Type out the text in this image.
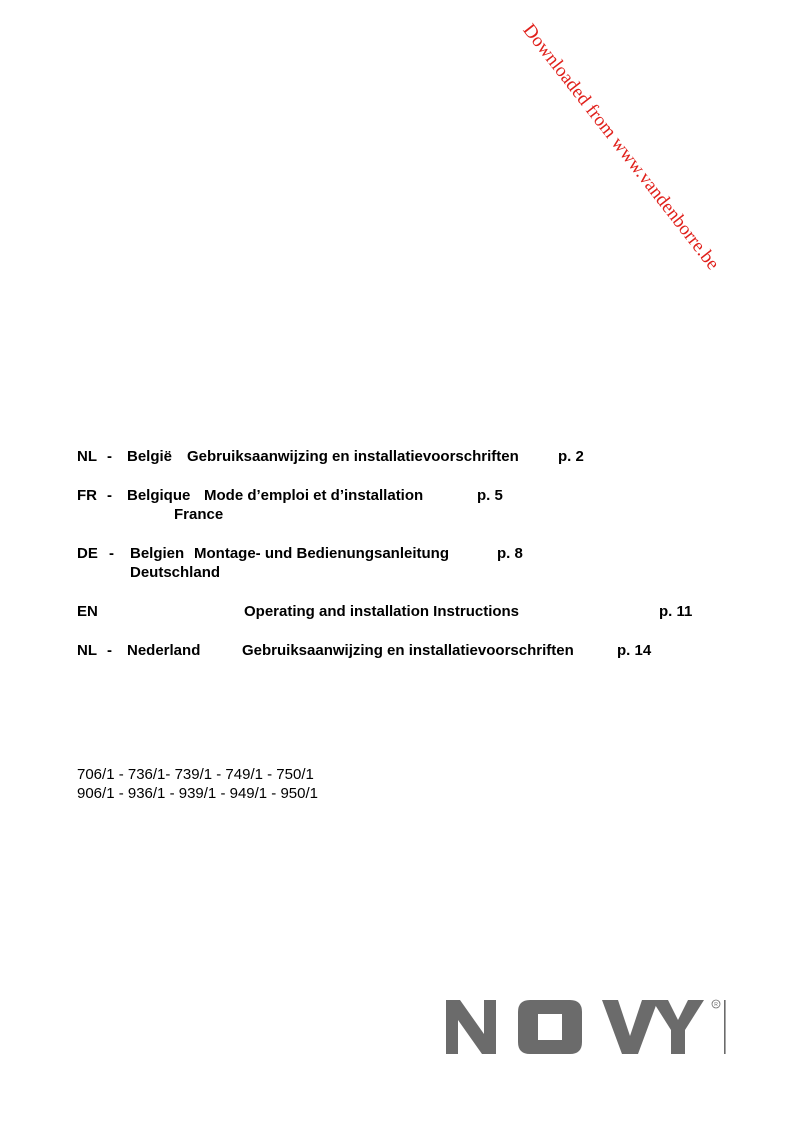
Downloaded from www.vandenborre.be
NL - België Gebruiksaanwijzing en installatievoorschriften	p. 2
FR - Belgique Mode d’emploi et d’installation	p. 5
France
DE - Belgien Montage- und Bedienungsanleitung	p. 8
Deutschland
EN	Operating and installation Instructions	p. 11
NL - Nederland	Gebruiksaanwijzing en installatievoorschriften	p. 14
706/1 - 736/1- 739/1 - 749/1 - 750/1
906/1 - 936/1 - 939/1 - 949/1 - 950/1
R
